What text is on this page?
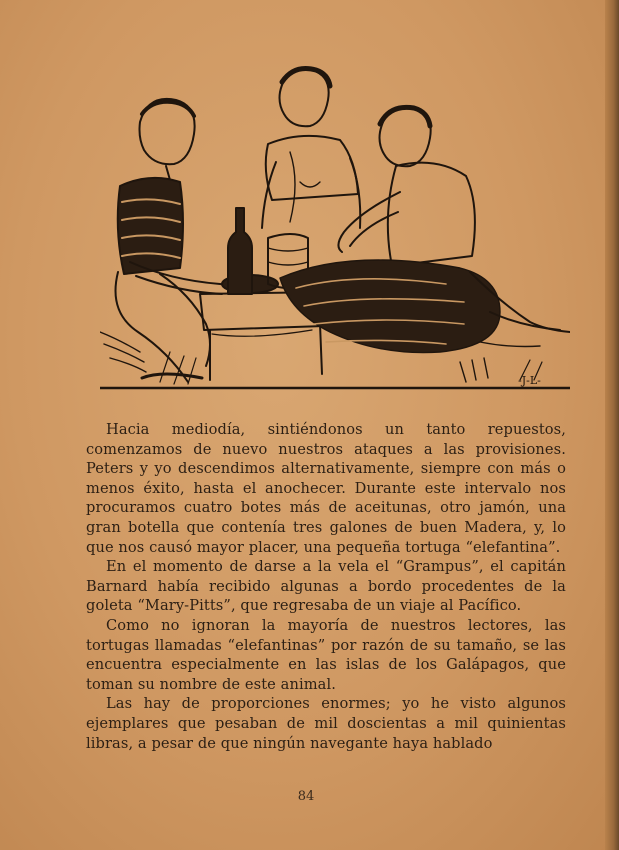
-J-L-

Hacia mediodía, sintiéndonos un tanto repuestos, comenzamos de nuevo nuestros ataques a las provisiones. Peters y yo descendimos alternativamente, siempre con más o menos éxito, hasta el anochecer. Durante este intervalo nos procuramos cuatro botes más de aceitunas, otro jamón, una gran botella que contenía tres galones de buen Madera, y, lo que nos causó mayor placer, una pequeña tortuga “elefantina”.

En el momento de darse a la vela el “Grampus”, el capitán Barnard había recibido algunas a bordo procedentes de la goleta “Mary-Pitts”, que regresaba de un viaje al Pacífico.

Como no ignoran la mayoría de nuestros lectores, las tortugas llamadas “elefantinas” por razón de su tamaño, se las encuentra especialmente en las islas de los Galápagos, que toman su nombre de este animal.

Las hay de proporciones enormes; yo he visto algunos ejemplares que pesaban de mil doscientas a mil quinientas libras, a pesar de que ningún navegante haya hablado

84
